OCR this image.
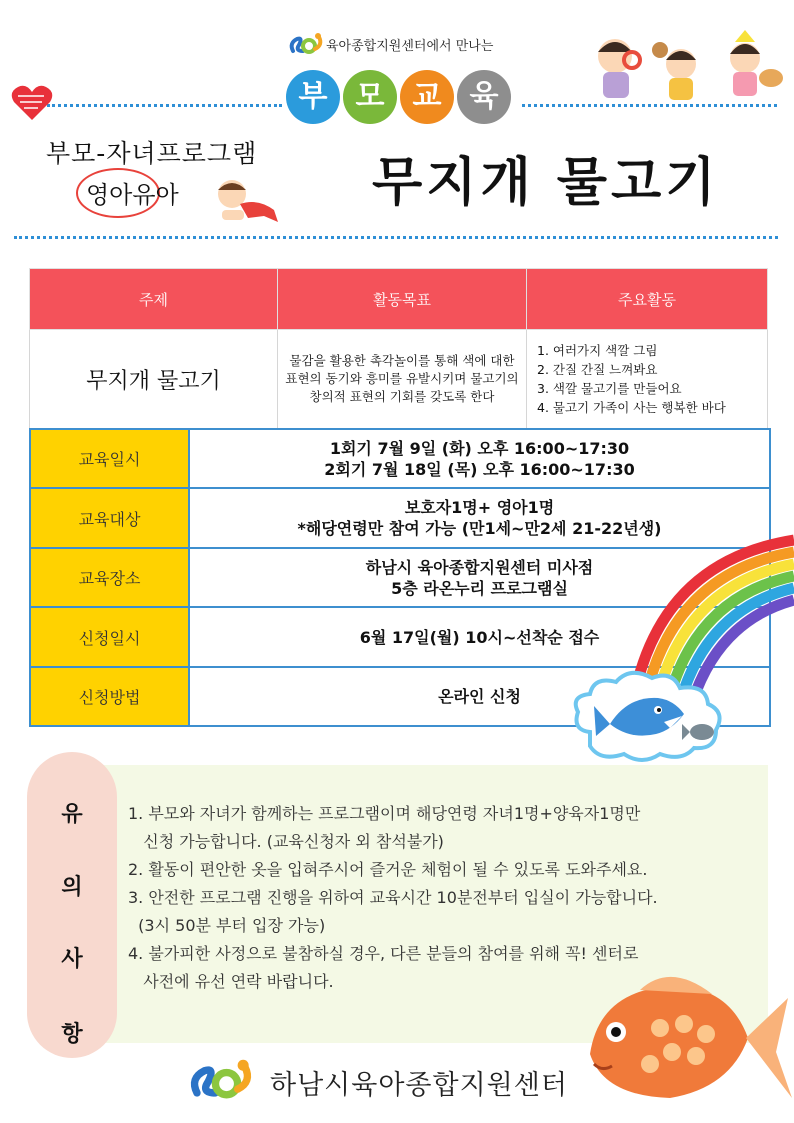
육아종합지원센터에서 만나는
부 모 교 육
부모-자녀프로그램
영아유아	무지개 물고기
주제	활동목표	주요활동
무지개 물고기	물감을 활용한 촉각놀이를 통해 색에 대한 표현의 동기와 흥미를 유발시키며 물고기의 창의적 표현의 기회를 갖도록 한다	1. 여러가지 색깔 그림
2. 간질 간질 느껴봐요
3. 색깔 물고기를 만들어요
4. 물고기 가족이 사는 행복한 바다
교육일시	1회기 7월 9일 (화) 오후 16:00~17:30
2회기 7월 18일 (목) 오후 16:00~17:30

교육대상	보호자1명+ 영아1명
*해당연령만 참여 가능 (만1세~만2세 21-22년생)

교육장소	하남시 육아종합지원센터 미사점
5층 라온누리 프로그램실

신청일시	6월 17일(월) 10시~선착순 접수

신청방법	온라인 신청
유
의
사
항
1. 부모와 자녀가 함께하는 프로그램이며 해당연령 자녀1명+양육자1명만
신청 가능합니다. (교육신청자 외 참석불가)
2. 활동이 편안한 옷을 입혀주시어 즐거운 체험이 될 수 있도록 도와주세요.
3. 안전한 프로그램 진행을 위하여 교육시간 10분전부터 입실이 가능합니다.
(3시 50분 부터 입장 가능)
4. 불가피한 사정으로 불참하실 경우, 다른 분들의 참여를 위해 꼭! 센터로
사전에 유선 연락 바랍니다.
하남시육아종합지원센터
